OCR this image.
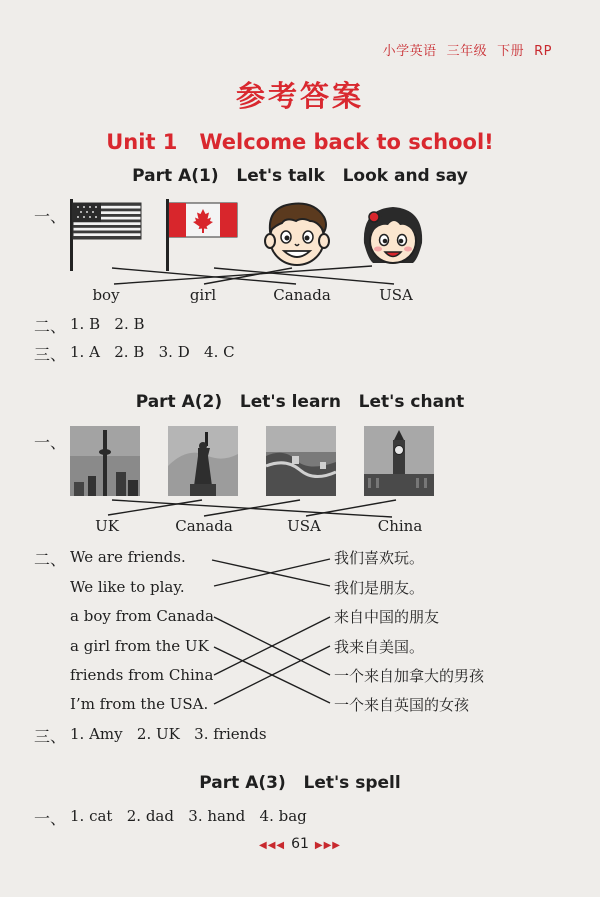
小学英语 三年级 下册 RP
参考答案
Unit 1   Welcome back to school!
Part A(1)   Let's talk   Look and say
一、
boy	girl	Canada	USA
二、 1. B   2. B
三、 1. A   2. B   3. D   4. C
Part A(2)   Let's learn   Let's chant
一、
UK	Canada	USA	China
二、 We are friends.
We like to play.
a boy from Canada
a girl from the UK
friends from China
I’m from the USA.
我们喜欢玩。
我们是朋友。
来自中国的朋友
我来自美国。
一个来自加拿大的男孩
一个来自英国的女孩
三、 1. Amy   2. UK   3. friends
Part A(3)   Let's spell
一、 1. cat   2. dad   3. hand   4. bag
◀◀◀ 61 ▶▶▶
